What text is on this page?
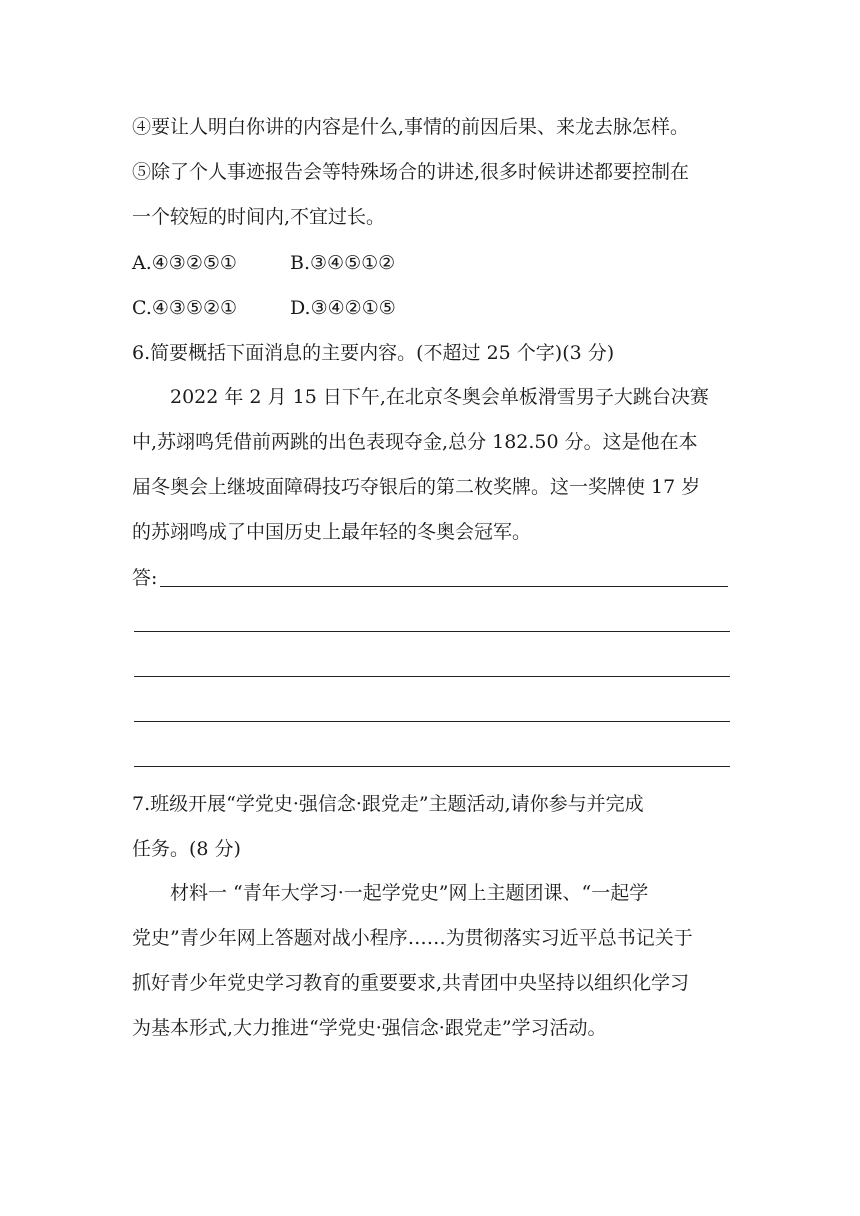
④要让人明白你讲的内容是什么,事情的前因后果、来龙去脉怎样。
⑤除了个人事迹报告会等特殊场合的讲述,很多时候讲述都要控制在
一个较短的时间内,不宜过长。
A.④③②⑤①	B.③④⑤①②
C.④③⑤②①	D.③④②①⑤
6.简要概括下面消息的主要内容。(不超过 25 个字)(3 分)
2022 年 2 月 15 日下午,在北京冬奥会单板滑雪男子大跳台决赛
中,苏翊鸣凭借前两跳的出色表现夺金,总分 182.50 分。这是他在本
届冬奥会上继坡面障碍技巧夺银后的第二枚奖牌。这一奖牌使 17 岁
的苏翊鸣成了中国历史上最年轻的冬奥会冠军。
答:
7.班级开展“学党史·强信念·跟党走”主题活动,请你参与并完成
任务。(8 分)
材料一 “青年大学习·一起学党史”网上主题团课、“一起学
党史”青少年网上答题对战小程序……为贯彻落实习近平总书记关于
抓好青少年党史学习教育的重要要求,共青团中央坚持以组织化学习
为基本形式,大力推进“学党史·强信念·跟党走”学习活动。
